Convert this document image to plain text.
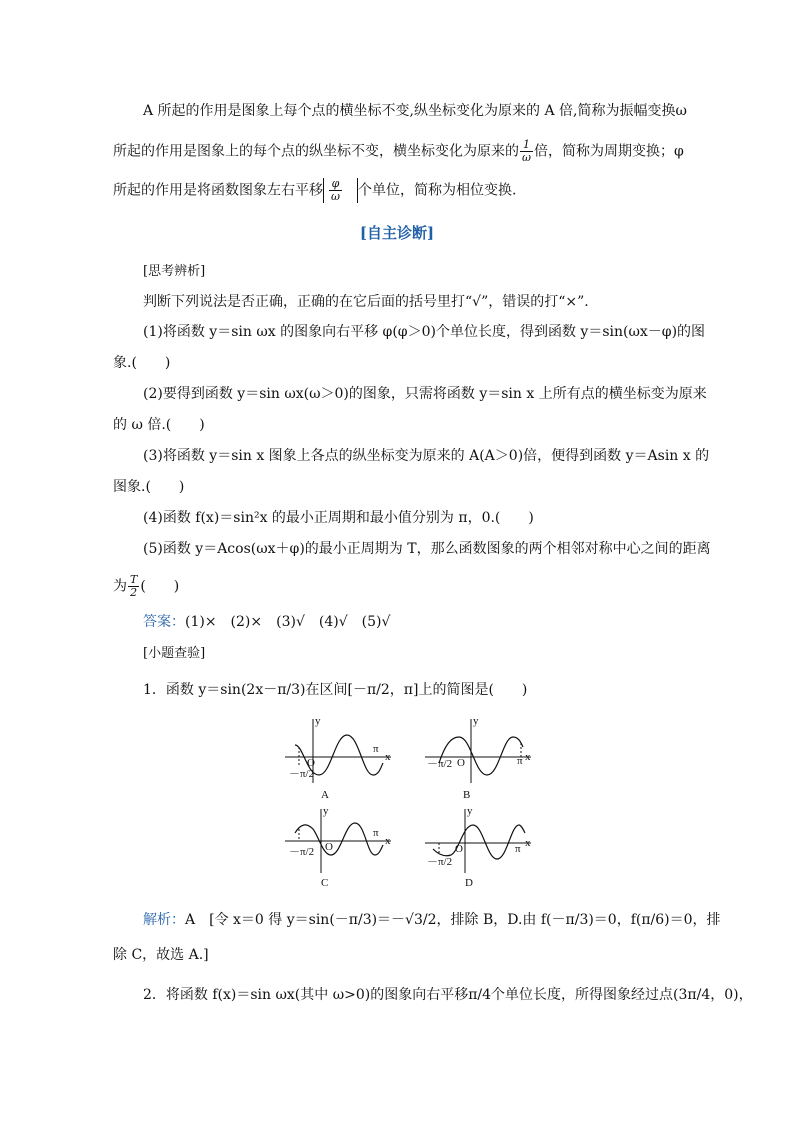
A 所起的作用是图象上每个点的横坐标不变,纵坐标变化为原来的 A 倍,简称为振幅变换ω
所起的作用是图象上的每个点的纵坐标不变，横坐标变化为原来的 $\frac{1}{\omega}$ 倍，简称为周期变换；φ
所起的作用是将函数图象左右平移 $\frac{\varphi}{\omega}$ 个单位，简称为相位变换.
[自主诊断]
[思考辨析]
判断下列说法是否正确，正确的在它后面的括号里打“√”，错误的打“×”.
(1)将函数 y＝sin ωx 的图象向右平移 φ(φ＞0)个单位长度，得到函数 y＝sin(ωx－φ)的图
象.(　　)
(2)要得到函数 y＝sin ωx(ω＞0)的图象，只需将函数 y＝sin x 上所有点的横坐标变为原来
的 ω 倍.(　　)
(3)将函数 y＝sin x 图象上各点的纵坐标变为原来的 A(A＞0)倍，便得到函数 y＝Asin x 的
图象.(　　)
(4)函数 f(x)＝sin²x 的最小正周期和最小值分别为 π，0.(　　)
(5)函数 y＝Acos(ωx＋φ)的最小正周期为 T，那么函数图象的两个相邻对称中心之间的距离
为 $\frac{T}{2}$ (　　)
答案：(1)×　(2)×　(3)√　(4)√　(5)√
[小题查验]
1．函数 y＝sin(2x－π/3)在区间[－π/2，π]上的简图是(　　)
y
x
O
π
－π/2
A
y
x
O	π
－π/2
B
y
x
O
π
－π/2
C
y
x
O	π
－π/2
D
解析：A　[令 x＝0 得 y＝sin(－π/3)＝－√3/2，排除 B，D.由 f(－π/3)＝0，f(π/6)＝0，排
除 C，故选 A.]
2．将函数 f(x)＝sin ωx(其中 ω>0)的图象向右平移π/4个单位长度，所得图象经过点(3π/4，0)，
